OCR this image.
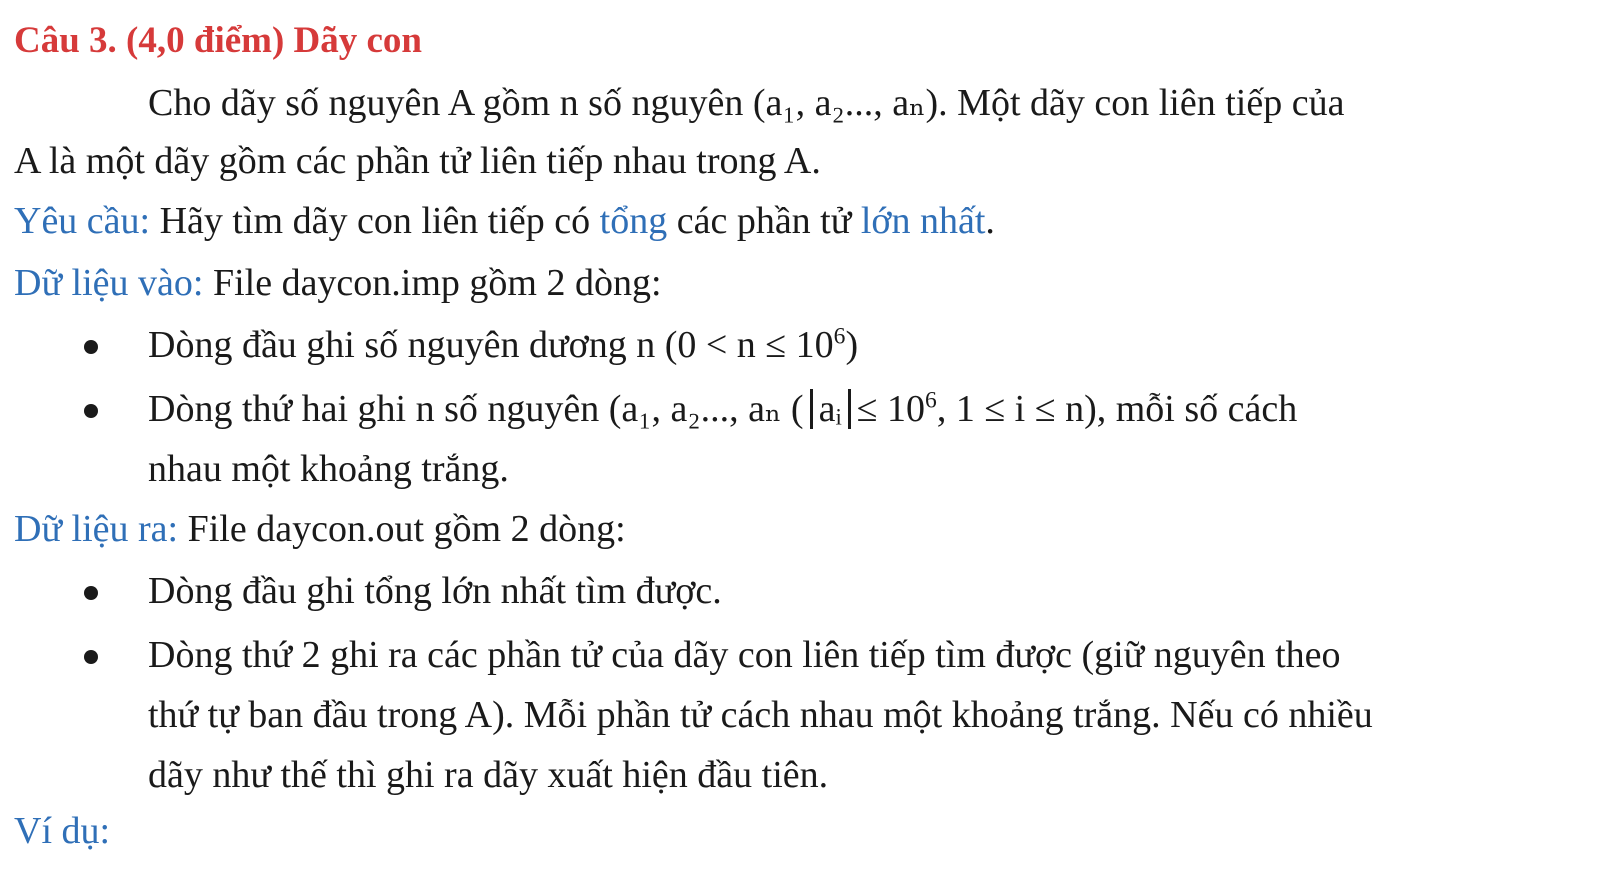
Câu 3. (4,0 điểm) Dãy con
Cho dãy số nguyên A gồm n số nguyên (a₁, a₂..., aₙ). Một dãy con liên tiếp của
A là một dãy gồm các phần tử liên tiếp nhau trong A.
Yêu cầu: Hãy tìm dãy con liên tiếp có tổng các phần tử lớn nhất.
Dữ liệu vào: File daycon.imp gồm 2 dòng:
Dòng đầu ghi số nguyên dương n $(0 < n \le 10^6)$
Dòng thứ hai ghi n số nguyên (a₁, a₂..., aₙ ( aᵢ ≤ $10^6$, 1 ≤ i ≤ n), mỗi số cách
nhau một khoảng trắng.
Dữ liệu ra: File daycon.out gồm 2 dòng:
Dòng đầu ghi tổng lớn nhất tìm được.
Dòng thứ 2 ghi ra các phần tử của dãy con liên tiếp tìm được (giữ nguyên theo
thứ tự ban đầu trong A). Mỗi phần tử cách nhau một khoảng trắng. Nếu có nhiều
dãy như thế thì ghi ra dãy xuất hiện đầu tiên.
Ví dụ:
